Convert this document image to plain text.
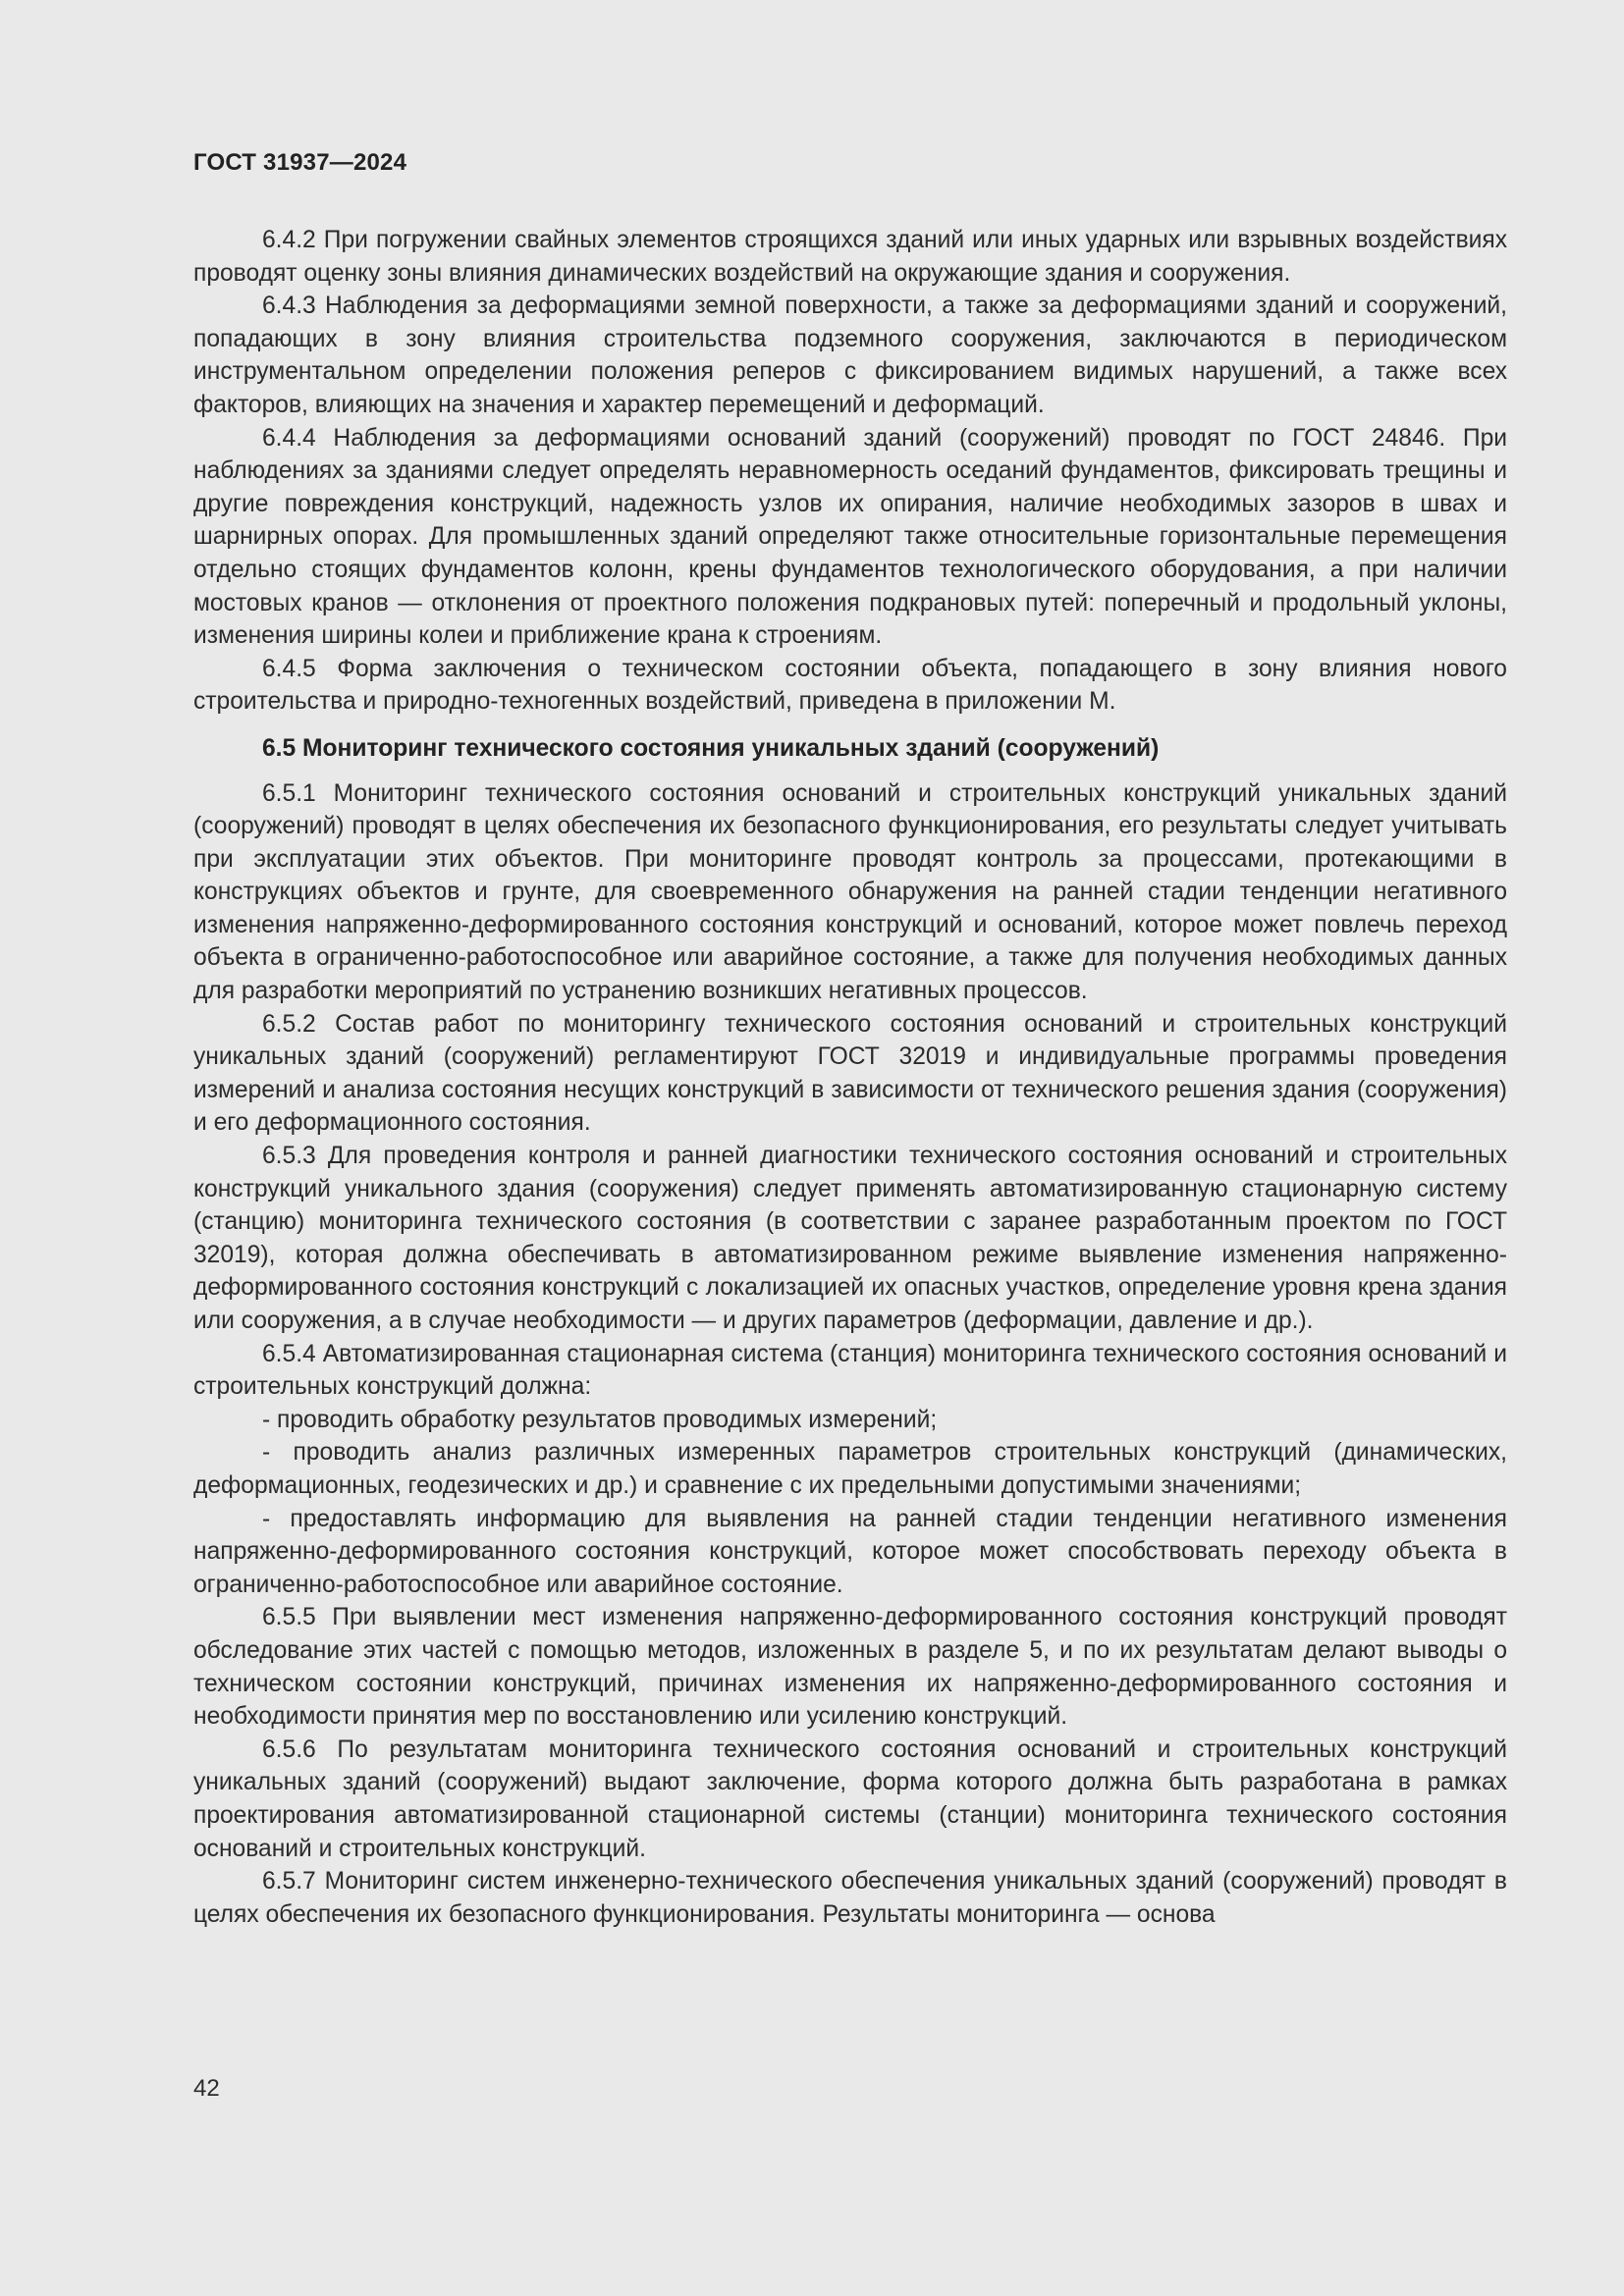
ГОСТ 31937—2024

6.4.2 При погружении свайных элементов строящихся зданий или иных ударных или взрывных воздействиях проводят оценку зоны влияния динамических воздействий на окружающие здания и сооружения.

6.4.3 Наблюдения за деформациями земной поверхности, а также за деформациями зданий и сооружений, попадающих в зону влияния строительства подземного сооружения, заключаются в периодическом инструментальном определении положения реперов с фиксированием видимых нарушений, а также всех факторов, влияющих на значения и характер перемещений и деформаций.

6.4.4 Наблюдения за деформациями оснований зданий (сооружений) проводят по ГОСТ 24846. При наблюдениях за зданиями следует определять неравномерность оседаний фундаментов, фиксировать трещины и другие повреждения конструкций, надежность узлов их опирания, наличие необходимых зазоров в швах и шарнирных опорах. Для промышленных зданий определяют также относительные горизонтальные перемещения отдельно стоящих фундаментов колонн, крены фундаментов технологического оборудования, а при наличии мостовых кранов — отклонения от проектного положения подкрановых путей: поперечный и продольный уклоны, изменения ширины колеи и приближение крана к строениям.

6.4.5 Форма заключения о техническом состоянии объекта, попадающего в зону влияния нового строительства и природно-техногенных воздействий, приведена в приложении М.

6.5 Мониторинг технического состояния уникальных зданий (сооружений)

6.5.1 Мониторинг технического состояния оснований и строительных конструкций уникальных зданий (сооружений) проводят в целях обеспечения их безопасного функционирования, его результаты следует учитывать при эксплуатации этих объектов. При мониторинге проводят контроль за процессами, протекающими в конструкциях объектов и грунте, для своевременного обнаружения на ранней стадии тенденции негативного изменения напряженно-деформированного состояния конструкций и оснований, которое может повлечь переход объекта в ограниченно-работоспособное или аварийное состояние, а также для получения необходимых данных для разработки мероприятий по устранению возникших негативных процессов.

6.5.2 Состав работ по мониторингу технического состояния оснований и строительных конструкций уникальных зданий (сооружений) регламентируют ГОСТ 32019 и индивидуальные программы проведения измерений и анализа состояния несущих конструкций в зависимости от технического решения здания (сооружения) и его деформационного состояния.

6.5.3 Для проведения контроля и ранней диагностики технического состояния оснований и строительных конструкций уникального здания (сооружения) следует применять автоматизированную стационарную систему (станцию) мониторинга технического состояния (в соответствии с заранее разработанным проектом по ГОСТ 32019), которая должна обеспечивать в автоматизированном режиме выявление изменения напряженно-деформированного состояния конструкций с локализацией их опасных участков, определение уровня крена здания или сооружения, а в случае необходимости — и других параметров (деформации, давление и др.).

6.5.4 Автоматизированная стационарная система (станция) мониторинга технического состояния оснований и строительных конструкций должна:

- проводить обработку результатов проводимых измерений;

- проводить анализ различных измеренных параметров строительных конструкций (динамических, деформационных, геодезических и др.) и сравнение с их предельными допустимыми значениями;

- предоставлять информацию для выявления на ранней стадии тенденции негативного изменения напряженно-деформированного состояния конструкций, которое может способствовать переходу объекта в ограниченно-работоспособное или аварийное состояние.

6.5.5 При выявлении мест изменения напряженно-деформированного состояния конструкций проводят обследование этих частей с помощью методов, изложенных в разделе 5, и по их результатам делают выводы о техническом состоянии конструкций, причинах изменения их напряженно-деформированного состояния и необходимости принятия мер по восстановлению или усилению конструкций.

6.5.6 По результатам мониторинга технического состояния оснований и строительных конструкций уникальных зданий (сооружений) выдают заключение, форма которого должна быть разработана в рамках проектирования автоматизированной стационарной системы (станции) мониторинга технического состояния оснований и строительных конструкций.

6.5.7 Мониторинг систем инженерно-технического обеспечения уникальных зданий (сооружений) проводят в целях обеспечения их безопасного функционирования. Результаты мониторинга — основа

42
